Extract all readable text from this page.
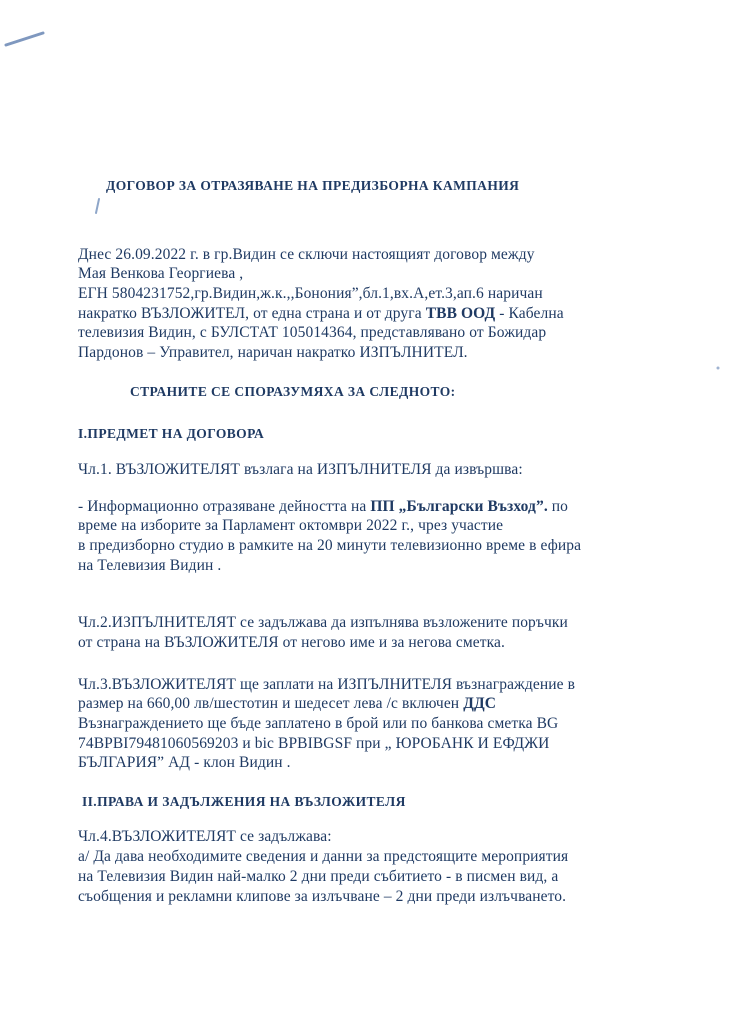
ДОГОВОР ЗА ОТРАЗЯВАНЕ НА ПРЕДИЗБОРНА КАМПАНИЯ
Днес 26.09.2022 г. в гр.Видин се сключи настоящият договор между
Мая Венкова Георгиева ,
ЕГН 5804231752,гр.Видин,ж.к.,,Бонония”,бл.1,вх.А,ет.3,ап.6 наричан
накратко ВЪЗЛОЖИТЕЛ, от една страна и от друга ТВВ ООД - Кабелна
телевизия Видин, с БУЛСТАТ 105014364, представлявано от Божидар
Пардонов – Управител, наричан накратко ИЗПЪЛНИТЕЛ.
СТРАНИТЕ СЕ СПОРАЗУМЯХА ЗА СЛЕДНОТО:
I.ПРЕДМЕТ НА ДОГОВОРА
Чл.1. ВЪЗЛОЖИТЕЛЯТ възлага на ИЗПЪЛНИТЕЛЯ да извършва:
- Информационно отразяване дейността на ПП „Български Възход”. по
време на изборите за Парламент октомври 2022 г., чрез участие
в предизборно студио в рамките на 20 минути телевизионно време в ефира
на Телевизия Видин .
Чл.2.ИЗПЪЛНИТЕЛЯТ се задължава да изпълнява възложените поръчки
от страна на ВЪЗЛОЖИТЕЛЯ от негово име и за негова сметка.
Чл.3.ВЪЗЛОЖИТЕЛЯТ ще заплати на ИЗПЪЛНИТЕЛЯ възнаграждение в
размер на 660,00 лв/шестотин и шедесет лева /с включен ДДС
Възнаграждението ще бъде заплатено в брой или по банкова сметка BG
74BPBI79481060569203 и bic BPBIBGSF при „ ЮРОБАНК И ЕФДЖИ
БЪЛГАРИЯ” АД - клон Видин .
II.ПРАВА И ЗАДЪЛЖЕНИЯ НА ВЪЗЛОЖИТЕЛЯ
Чл.4.ВЪЗЛОЖИТЕЛЯТ се задължава:
а/ Да дава необходимите сведения и данни за предстоящите мероприятия
на Телевизия Видин най-малко 2 дни преди събитието - в писмен вид, а
съобщения и рекламни клипове за излъчване – 2 дни преди излъчването.
